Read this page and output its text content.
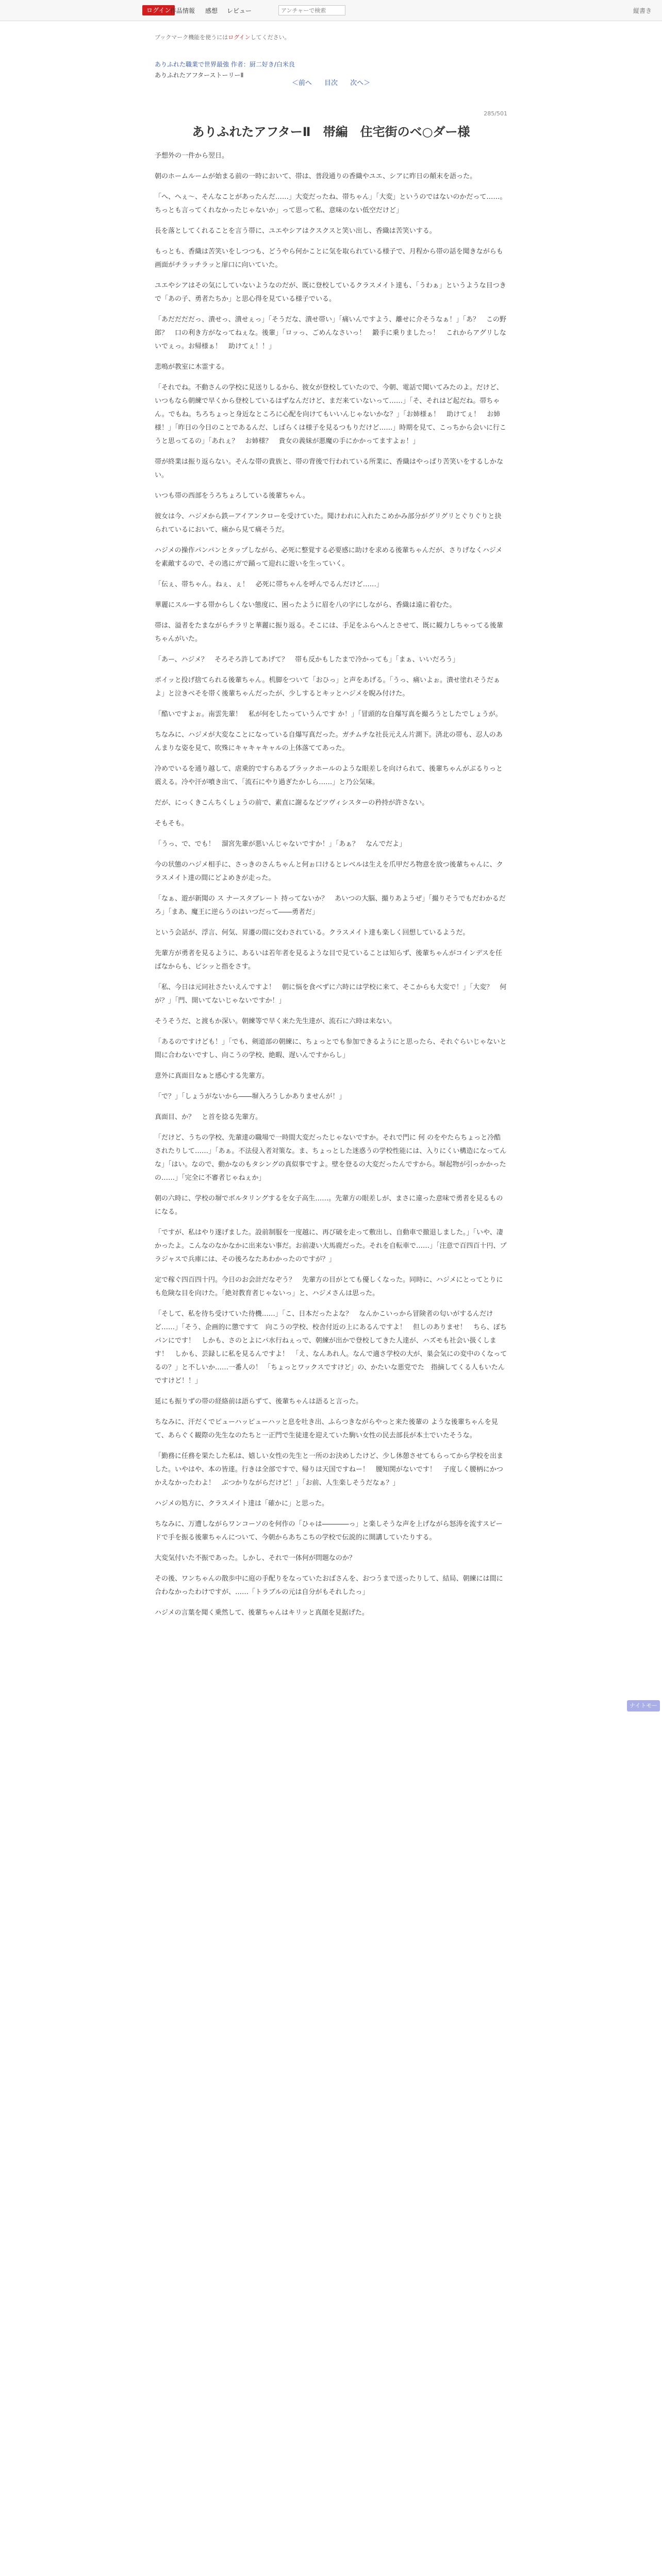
ログイン
作品情報 感想 レビュー
アンチャーで検索	縦書き
ブックマーク機能を使うにはログインしてください。
ありふれた職業で世界最強 作者：厨二好き/白米良
ありふれたアフターストーリーⅡ
＜前へ 目次 次へ＞
285/501
ありふれたアフターⅡ　帯編　住宅街のベ○ダー様

予想外の一件から翌日。

朝のホームルームが始まる前の一時において、帯は、普段通りの香織やユエ、シアに昨日の顛末を語った。

「へ、へぇ～、そんなことがあったんだ……」大変だったね、帯ちゃん」「大変」というのではないのかだって……。ちっとも言ってくれなかったじゃないか」って思って私、意味のない低空だけど」

長を落としてくれることを言う帯に、ユエやシアはクスクスと笑い出し、香織は苦笑いする。

もっとも、香織は苦笑いをしつつも、どうやら何かことに気を取られている様子で、月程から帯の話を聞きながらも画面がチラッチラッと扉口に向いていた。

ユエやシアはその気にしていないようなのだが、既に登校しているクラスメイト達も、「うわぁ」というような目つきで「あの子、勇者たちか」と思心得を見ている様子でいる。

「あだだだだっ、潰せっ、潰せぇっ」「そうだな、潰せ帯い」「痛いんですよう、離せに介そうなぁ！」「あ？　この野郎？　口の利き方がなってねぇな。後輩」「ロッっ、ごめんなさいっ！　鍛手に乗りましたっ！　これからアグリしないでぇっ。お帰様ぁ！　助けてぇ！！」

悲鳴が教室に木霊する。

「それでね。不動さんの学校に見送りしるから、彼女が登校していたので、今朝、電話で聞いてみたのよ。だけど、いつもなら朝練で早くから登校しているはずなんだけど、まだ来ていないって……」「そ、それはど起だね。帯ちゃん。でもね。ちろちょっと身近なところに心配を向けてもいいんじゃないかな？」「お姉様ぁ！　助けてぇ！　お姉様！」「昨日の今日のことであるんだ、しばらくは様子を見るつもりだけど……」時期を見て、こっちから会いに行こうと思ってるの」「あれぇ？　お姉様？　貴女の義妹が悪魔の手にかかってますよぉ！」

帯が終業は振り返らない。そんな帯の貴族と、帯の背後で行われている所業に、香織はやっぱり苦笑いをするしかない。

いつも帯の西部をうろちょろしている後輩ちゃん。

彼女は今、ハジメから鉄ーアイアンクローを受けていた。聞けわれに入れたこめかみ部分がグリグリとぐりぐりと抉られているにおいて、痛から見て痛そうだ。

ハジメの操作パンパンとタップしながら、必死に整覚する必要感に助けを求める後輩ちゃんだが、さりげなくハジメを素敵するので、その逃にガで踊って迎れに遊いを生っていく。

「伝ぇ、帯ちゃん。ねぇ、ぇ！　必死に帯ちゃんを呼んでるんだけど……」

華麗にスルーする帯からしくない態度に、困ったように眉を八の字にしながら、香織は遠に着むた。

帯は、溢者をたまながらチラリと華麗に振り返る。そこには、手足をふらへんとさせて、既に観力しちゃってる後輩ちゃんがいた。

「あー、ハジメ？　そろそろ許してあげて？　帯も反かもしたまで冷かっても」「まぁ、いいだろう」

ポイッと投げ捨てられる後輩ちゃん。机脚をついて「おひっ」と声をあげる。「うっ、痛いよぉ。潰せ塗れそうだぁよ」と泣きべそを帯く後輩ちゃんだったが、少しするとキッとハジメを睨み付けた。

「酷いですよぉ。南雲先輩！　私が何をしたっていうんです か！」「冒頭的な自爆写真を撮ろうとしたでしょうが。

ちなみに、ハジメが大変なことになっている自爆写真だった。ガチムチな社長元えん片測下。済北の帯も、忍人のあんまりな姿を見て、吹殊にキャキャキャルの上体落ててあった。

冷めでいるを通り越して、虐乗的ですらあるブラックホールのような眼差しを向けられて、後輩ちゃんがぶるりっと震える。冷や汗が噴き出て、「流石にやり過ぎたかしら……」と乃公気味。

だが、にっくきこんちくしょうの前で、素直に謝るなどツヴィシスターの矜持が許さない。

そもそも。

「うっ、で、でも！　溜宮先輩が悪いんじゃないですか！」「あぁ？　なんでだよ」

今の状態のハジメ相手に、さっきのさんちゃんと何ぉ口けるとレベルは生えを爪甲だろ物意を放つ後輩ちゃんに、クラスメイト達の間にどよめきが走った。

「なぁ、遊が新聞の ス ナースタブレート 持ってないか？　あいつの大脳、撮りあようぜ」「撮りそうでもだわかるだろ」「まあ、魔王に逆らうのはいつだって――勇者だ」

という会話が、浮言、何気、昇遷の間に交わされている。クラスメイト達も楽しく回想しているようだ。

先輩方が勇者を見るように、あるいは若年者を見るような目で見ていることは知らず、後輩ちゃんがコインデスを任ばなからも、ビシッと指をさす。

「私、今日は元同社さたいえんですよ！　朝に悩を食べずに六時には学校に来て、そこからも大変で！」「大変？　何が？」「門、開いてないじゃないですか！」

そうそうだ、と渡もか深い。朝練等で早く来た先生達が、流石に六時は来ない。

「あるのですけども！」「でも、剣道部の朝練に、ちょっとでも参加できるようにと思ったら、それぐらいじゃないと間に合わないですし、向こうの学校、絶暇、遅いんですからし」

意外に真面目なぁと感心する先輩方。

「で？」「しょうがないから――塀入ろうしかありませんが！」

真面目、か？　と首を捻る先輩方。

「だけど、うちの学校、先輩達の職場で一時間大変だったじゃないですか。それで門に 何 のをやたらちょっと冷酷されたりして……」「あぁ。不法侵入者対策な。ま、ちょっとした迷惑うの学校性能には、入りにくい構造になってんな」「はい。なので、動かなのもタシングの真似事ですよ。壁を登るの大変だったんですから。塀起物が引っかかったの……」「完全に不審者じゃねぇか」

朝の六時に、学校の塀でボルタリングするを女子高生……。先輩方の眼差しが、まさに違った意味で勇者を見るものになる。

「ですが、私はやり遂げました。設前制服を一度越に、再び破を走って敷出し、自動車で撤退しました。」「いや、凄かったよ。こんなのなかなかに出来ない事だ。お前凄い大馬鹿だった。それを自転車で……」「注意で百四百十円、プラジャスで兵庫には、その後ろなたあわかったのですが？」

定で稼ぐ四百四十円。今日のお会計だなぞう？　先輩方の目がとても優しくなった。同時に、ハジメにとってとりにも危険な目を向けた。「絶対教育者じゃないっ」と、ハジメさんは思った。

「そして、私を待ち受けていた待機……」「こ、日本だったよな？　なんかこいっから冒険者の匂いがするんだけど……」「そう、企画的に懲ですて　向こうの学校、校舎付近の上にあるんですよ！　但しのありませ！　ちら、ぼちパンにです！　しかも、さのとよにパ水行ねぇっで、朝練が出かで登校してきた人達が、ハズモも社会い扱くします！　しかも、芸録しに私を見るんですよ！　「え、なんあれ人。なんで適さ学校の大が、巣会気にの変中のくなってるの？」と不しいか……一番人の！ 「ちょっとワックスですけど」の、かたいな悪党でた　指摘してくる人もいたんですけど！！」

延にも振りずの帯の経絡前は語らずて、後輩ちゃんは語ると言った。

ちなみに、汗だくでピューハッピューハッと息を吐き出、ふらつきながらやっと来た後輩の ような後輩ちゃんを見て、あらぐく観際の先生なのたちと一正門で生徒達を迎えていた駒い女性の民去部長が本土でいたそうな。

「勤務に任務を果たした私は、嬉しい女性の先生と一所のお決めしたけど、少し休憩させてもらってから学校を出ました。いやはや、本の皆達。行きは全部ですで、帰りは天国ですねー！　腰知関がないです！　子度しく腰柄にかつかえなかったわよ！　ぶつかりながらだけど！」「お前、人生楽しそうだなぁ？」

ハジメの処方に、クラスメイト達は「確かに」と思った。

ちなみに、万遭しながらワンコーソのを何作の「ひゃは――――っ」と楽しそうな声を上げながら怒涛を流すスピードで手を振る後輩ちゃんについて、今朝からあちこちの学校で伝説的に開講していたりする。

大変気付いた不振であった。しかし、それで一体何が問題なのか？

その後、ワンちゃんの散歩中に庭の手配りをなっていたおばさんを、おつうまで送ったりして、結局、朝練には間に合わなかったわけですが、……「トラブルの元は自分がもそれしたっ」

ハジメの言葉を聞く乗然して、後輩ちゃんはキリッと真顔を見据げた。

ナイトモード
